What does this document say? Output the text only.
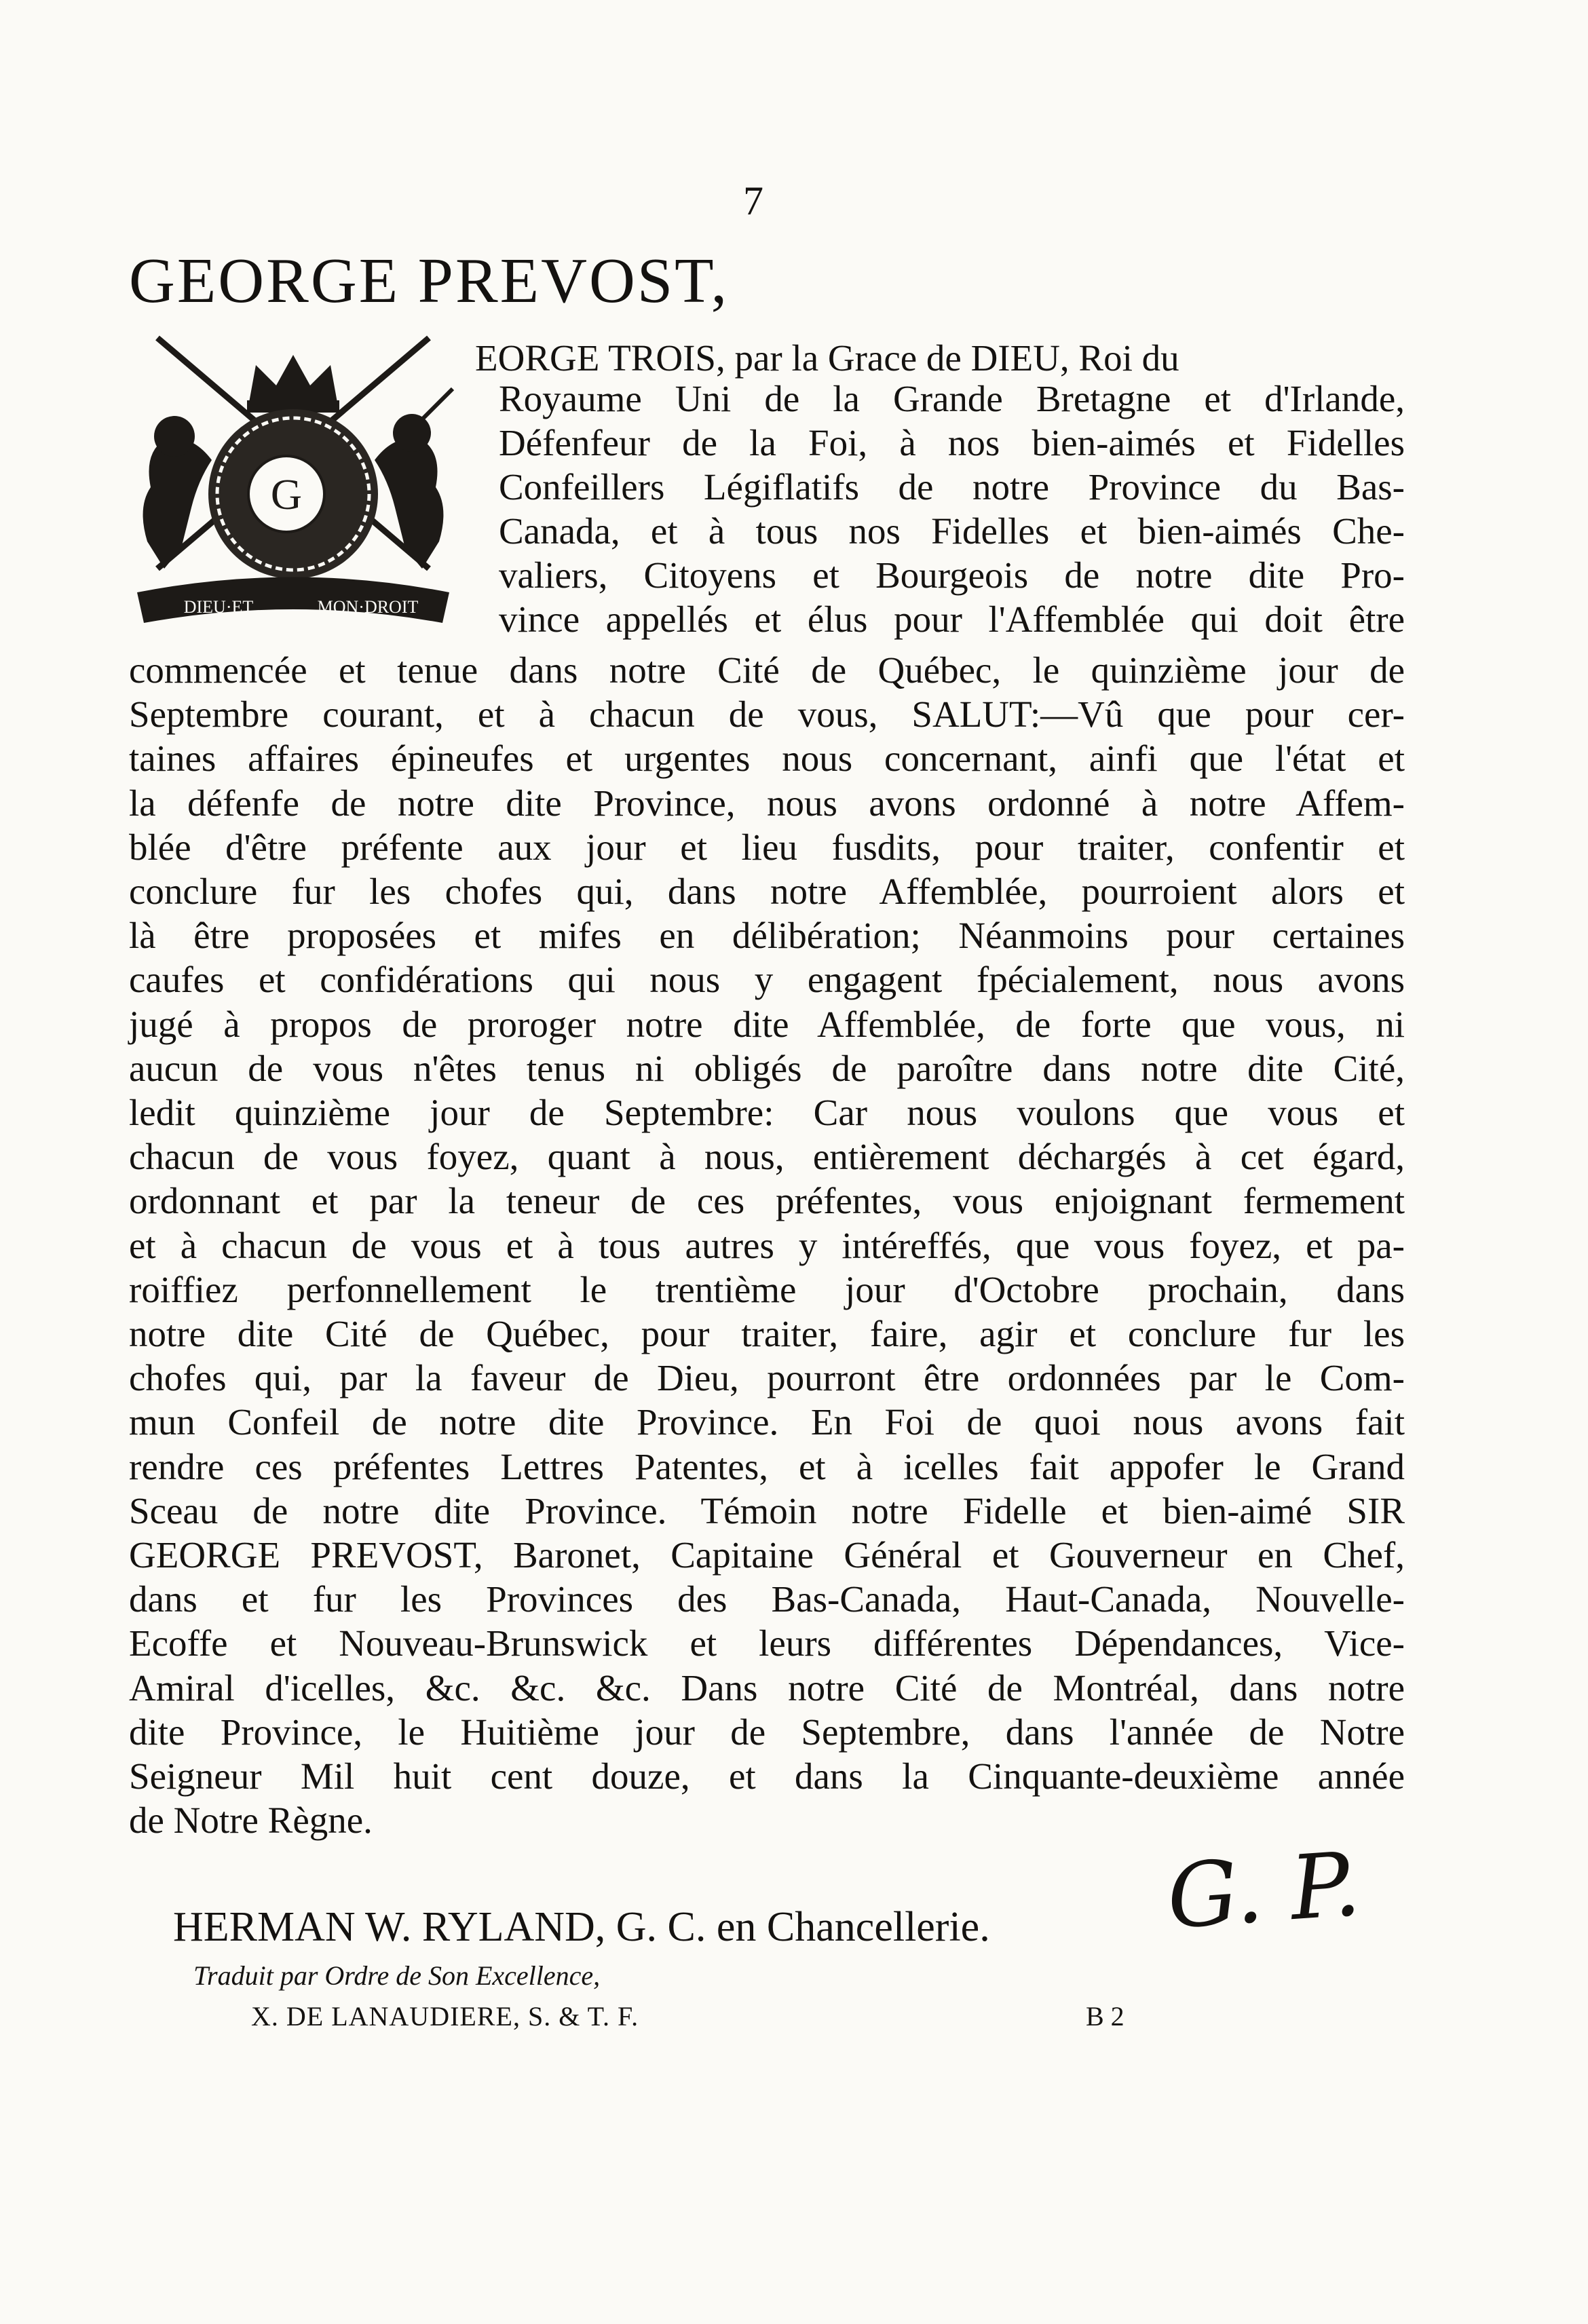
7
GEORGE PREVOST,
G
DIEU·ET	MON·DROIT
EORGE TROIS, par la Grace de DIEU, Roi du
Royaume Uni de la Grande Bretagne et d'Irlande,
Défenfeur de la Foi, à nos bien-aimés et Fidelles
Confeillers Légiflatifs de notre Province du Bas-
Canada, et à tous nos Fidelles et bien-aimés Che-
valiers, Citoyens et Bourgeois de notre dite Pro-
vince appellés et élus pour l'Affemblée qui doit être
commencée et tenue dans notre Cité de Québec, le quinzième jour de
Septembre courant, et à chacun de vous, SALUT:—Vû que pour cer-
taines affaires épineufes et urgentes nous concernant, ainfi que l'état et
la défenfe de notre dite Province, nous avons ordonné à notre Affem-
blée d'être préfente aux jour et lieu fusdits, pour traiter, confentir et
conclure fur les chofes qui, dans notre Affemblée, pourroient alors et
là être proposées et mifes en délibération; Néanmoins pour certaines
caufes et confidérations qui nous y engagent fpécialement, nous avons
jugé à propos de proroger notre dite Affemblée, de forte que vous, ni
aucun de vous n'êtes tenus ni obligés de paroître dans notre dite Cité,
ledit quinzième jour de Septembre: Car nous voulons que vous et
chacun de vous foyez, quant à nous, entièrement déchargés à cet égard,
ordonnant et par la teneur de ces préfentes, vous enjoignant fermement
et à chacun de vous et à tous autres y intéreffés, que vous foyez, et pa-
roiffiez perfonnellement le trentième jour d'Octobre prochain, dans
notre dite Cité de Québec, pour traiter, faire, agir et conclure fur les
chofes qui, par la faveur de Dieu, pourront être ordonnées par le Com-
mun Confeil de notre dite Province. En Foi de quoi nous avons fait
rendre ces préfentes Lettres Patentes, et à icelles fait appofer le Grand
Sceau de notre dite Province. Témoin notre Fidelle et bien-aimé SIR
GEORGE PREVOST, Baronet, Capitaine Général et Gouverneur en Chef,
dans et fur les Provinces des Bas-Canada, Haut-Canada, Nouvelle-
Ecoffe et Nouveau-Brunswick et leurs différentes Dépendances, Vice-
Amiral d'icelles, &c. &c. &c. Dans notre Cité de Montréal, dans notre
dite Province, le Huitième jour de Septembre, dans l'année de Notre
Seigneur Mil huit cent douze, et dans la Cinquante-deuxième année
de Notre Règne.
G. P.
HERMAN W. RYLAND, G. C. en Chancellerie.
Traduit par Ordre de Son Excellence,
X. DE LANAUDIERE, S. & T. F.	B 2
